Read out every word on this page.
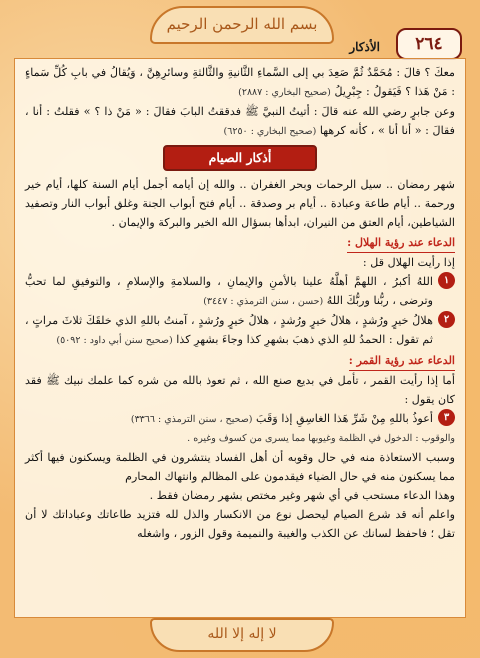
بسم الله الرحمن الرحيم
٢٦٤
الأذكار

معكَ ؟ قالَ : مُحَمَّدٌ ثُمَّ صَعِدَ بي إلى السَّماءِ الثَّانيةِ والثَّالثةِ وسائرِهِنَّ ، وَيُقالُ في بابِ كُلِّ سَماءٍ : مَنْ هَذا ؟ فَيَقولُ : جِبْرِيلُ (صحيح البخاري : ٢٨٨٧)

وعن جابرٍ رضي الله عنه قالَ : أتيتُ النبيَّ ﷺ فدققتُ البابَ فقالَ : « مَنْ ذا ؟ » فقلتُ : أنا ، فقالَ : « أنا أنا » ، كأنه كرهها (صحيح البخاري : ٦٢٥٠)

أذكار الصيام

شهر رمضان .. سيل الرحمات وبحر الغفران .. والله إن أيامه أجمل أيام السنة كلها، أيام خير ورحمة .. أيام طاعة وعبادة .. أيام بر وصدقة .. أيام فتح أبواب الجنة وغلق أبواب النار وتصفيد الشياطين، أيام العتق من النيران، ابدأها بسؤال الله الخير والبركة والإيمان .

الدعاء عند رؤية الهلال :

إذا رأيت الهلال قل :

١
اللهُ أكبرُ ، اللهمَّ أهلَّهُ علينا بالأمنِ والإيمانِ ، والسلامةِ والإسلامِ ، والتوفيقِ لما تحبُّ وترضى ، ربُّنا وربُّكَ اللهُ (حسن ، سنن الترمذي : ٣٤٤٧)

٢
هلالُ خيرٍ ورُشدٍ ، هلالُ خيرٍ ورُشدٍ ، هلالُ خيرٍ ورُشدٍ ، آمنتُ باللهِ الذي خلقَكَ ثلاثَ مراتٍ ، ثم تقول : الحمدُ للهِ الذي ذهبَ بشهرِ كذا وجاءَ بشهرِ كذا (صحيح سنن أبي داود : ٥٠٩٢)

الدعاء عند رؤية القمر :

أما إذا رأيت القمر ، تأمل في بديع صنع الله ، ثم تعوذ بالله من شره كما علمك نبيك ﷺ فقد كان يقول :

٣
أعوذُ باللهِ مِنْ شَرِّ هَذا الغاسِقِ إذا وَقَبَ (صحيح ، سنن الترمذي : ٣٣٦٦)

والوقوب : الدخول في الظلمة وغيوبها مما يسرى من كسوف وغيره .

وسبب الاستعاذة منه في حال وقوبه أن أهل الفساد ينتشرون في الظلمة ويسكنون فيها أكثر مما يسكنون منه في حال الضياء فيقدمون على المظالم وانتهاك المحارم

وهذا الدعاء مستحب في أي شهر وغير مختص بشهر رمضان فقط .

واعلم أنه قد شرع الصيام ليحصل نوع من الانكسار والذل لله فتزيد طاعاتك وعباداتك لا أن تقل ؛ فاحفظ لسانك عن الكذب والغيبة والنميمة وقول الزور ، واشغله

لا إله إلا الله
